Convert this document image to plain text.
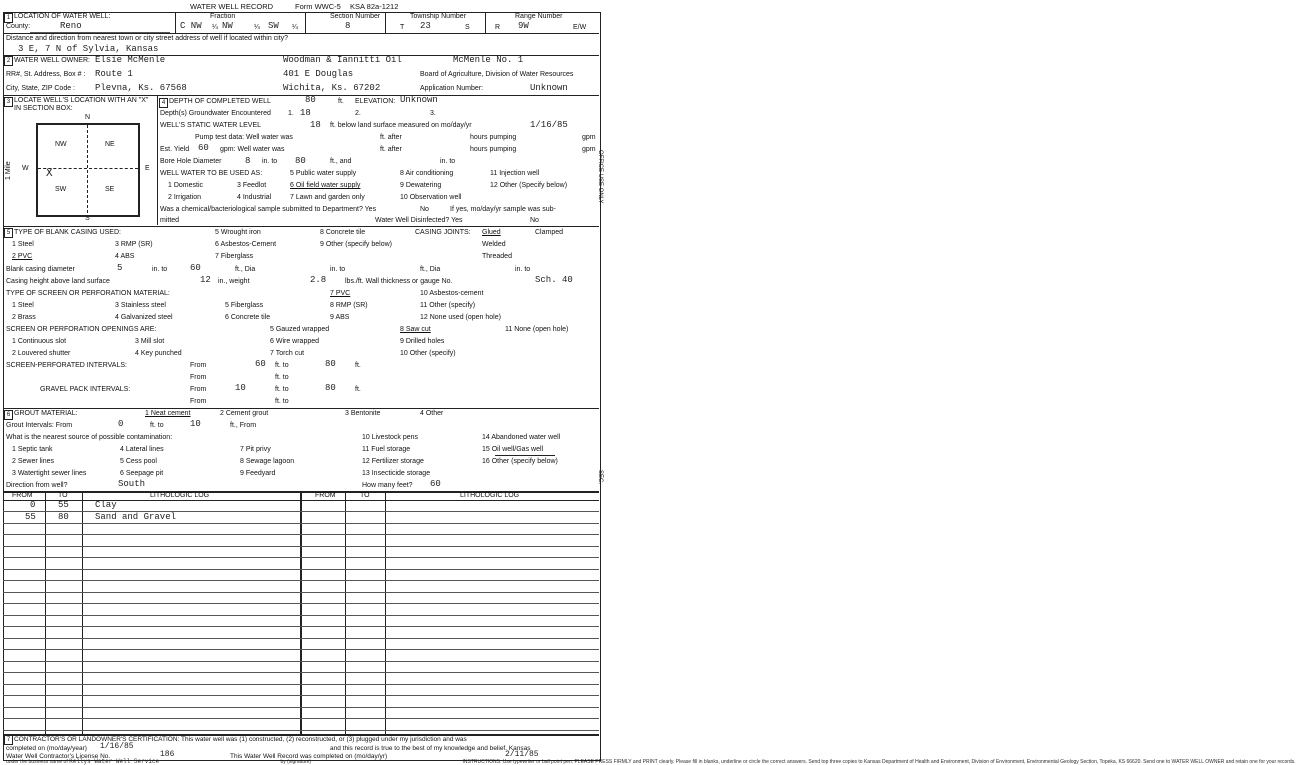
WATER WELL RECORD	Form WWC-5 KSA 82a-1212
1 LOCATION OF WATER WELL:
County:	Reno
Fraction
C NW ¼ NW	¼ SW ¼
Section Number
8
Township Number
T 23	S
Range Number
R 9W	E/W
Distance and direction from nearest town or city street address of well if located within city?
3 E, 7 N of Sylvia, Kansas
2 WATER WELL OWNER: Elsie McMenle	Woodman & Iannitti Oil	McMenle No. 1
RR#, St. Address, Box # : Route 1	401 E Douglas	Board of Agriculture, Division of Water Resources
City, State, ZIP Code : Plevna, Ks. 67568	Wichita, Ks. 67202	Application Number:	Unknown
3 LOCATE WELL'S LOCATION WITH AN "X" IN SECTION BOX:
N
S
W	E
1 Mile
NW	NE
SW	SE
X
4 DEPTH OF COMPLETED WELL	80	ft. ELEVATION: Unknown
Depth(s) Groundwater Encountered 1. 18	2.	3.
WELL'S STATIC WATER LEVEL	18 ft. below land surface measured on mo/day/yr	1/16/85
Pump test data: Well water was	ft. after	hours pumping	gpm
Est. Yield 60 gpm: Well water was	ft. after	hours pumping	gpm
Bore Hole Diameter	8 in. to 80	ft., and	in. to
WELL WATER TO BE USED AS:	5 Public water supply	8 Air conditioning	11 Injection well
1 Domestic	3 Feedlot	6 Oil field water supply	9 Dewatering	12 Other (Specify below)
2 Irrigation	4 Industrial	7 Lawn and garden only	10 Observation well
Was a chemical/bacteriological sample submitted to Department? Yes	No	If yes, mo/day/yr sample was sub-
mitted	Water Well Disinfected? Yes	No
5 TYPE OF BLANK CASING USED:	5 Wrought iron	8 Concrete tile	CASING JOINTS: Glued	Clamped
1 Steel	3 RMP (SR)	6 Asbestos-Cement	9 Other (specify below)	Welded
2 PVC	4 ABS	7 Fiberglass	Threaded
Blank casing diameter	5	in. to	60	ft., Dia	in. to	ft., Dia	in. to
Casing height above land surface	12 in., weight	2.8	lbs./ft. Wall thickness or gauge No.	Sch. 40
TYPE OF SCREEN OR PERFORATION MATERIAL:	7 PVC	10 Asbestos-cement
1 Steel	3 Stainless steel	5 Fiberglass	8 RMP (SR)	11 Other (specify)
2 Brass	4 Galvanized steel	6 Concrete tile	9 ABS	12 None used (open hole)
SCREEN OR PERFORATION OPENINGS ARE:	5 Gauzed wrapped	8 Saw cut	11 None (open hole)
1 Continuous slot	3 Mill slot	6 Wire wrapped	9 Drilled holes
2 Louvered shutter	4 Key punched	7 Torch cut	10 Other (specify)
SCREEN-PERFORATED INTERVALS:	From	60 ft. to	80	ft.
From	ft. to
GRAVEL PACK INTERVALS:	From	10	ft. to	80	ft.
From	ft. to
6 GROUT MATERIAL:	1 Neat cement	2 Cement grout	3 Bentonite	4 Other
Grout Intervals: From	0	ft. to	10	ft., From
What is the nearest source of possible contamination:	10 Livestock pens	14 Abandoned water well
1 Septic tank	4 Lateral lines	7 Pit privy	11 Fuel storage	15 Oil well/Gas well
2 Sewer lines	5 Cess pool	8 Sewage lagoon	12 Fertilizer storage	16 Other (specify below)
3 Watertight sewer lines	6 Seepage pit	9 Feedyard	13 Insecticide storage
Direction from well?	South	How many feet? 60
FROM	TO	LITHOLOGIC LOG	FROM	TO	LITHOLOGIC LOG
0	55	Clay
55 80	Sand and Gravel
7 CONTRACTOR'S OR LANDOWNER'S CERTIFICATION: This water well was (1) constructed, (2) reconstructed, or (3) plugged under my jurisdiction and was
completed on (mo/day/year) 1/16/85	and this record is true to the best of my knowledge and belief. Kansas
Water Well Contractor's License No.	186	This Water Well Record was completed on (mo/day/yr)	2/11/85
OFFICE USE ONLY
SEC.
under the business name of Kellys Water Well Service	by (signature)	INSTRUCTIONS: Use typewriter or ball point pen. PLEASE PRESS FIRMLY and PRINT clearly. Please fill in blanks, underline or circle the correct answers. Send top three copies to Kansas Department of Health and Environment, Division of Environment, Environmental Geology Section, Topeka, KS 66620. Send one to WATER WELL OWNER and retain one for your records.
